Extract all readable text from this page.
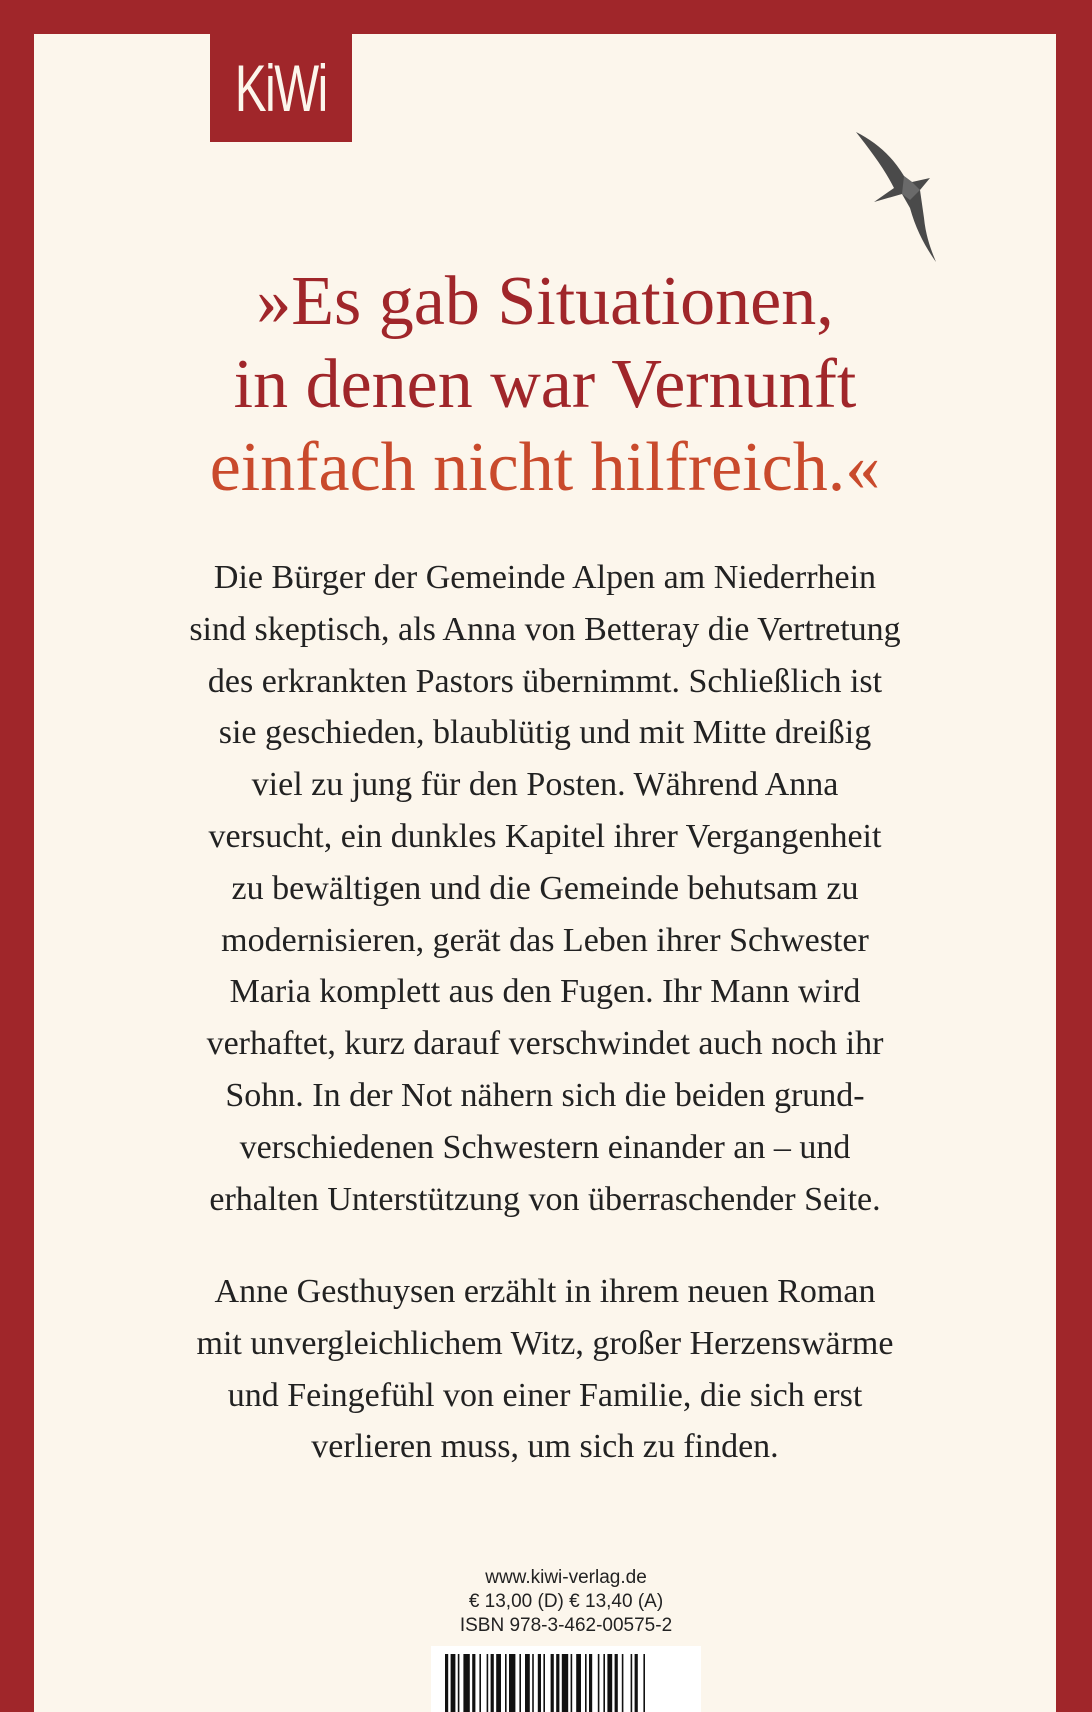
KiWi
»Es gab Situationen,
in denen war Vernunft
einfach nicht hilfreich.«
Die Bürger der Gemeinde Alpen am Niederrhein
sind skeptisch, als Anna von Betteray die Vertretung
des erkrankten Pastors übernimmt. Schließlich ist
sie geschieden, blaublütig und mit Mitte dreißig
viel zu jung für den Posten. Während Anna
versucht, ein dunkles Kapitel ihrer Vergangenheit
zu bewältigen und die Gemeinde behutsam zu
modernisieren, gerät das Leben ihrer Schwester
Maria komplett aus den Fugen. Ihr Mann wird
verhaftet, kurz darauf verschwindet auch noch ihr
Sohn. In der Not nähern sich die beiden grund-
verschiedenen Schwestern einander an – und
erhalten Unterstützung von überraschender Seite.
Anne Gesthuysen erzählt in ihrem neuen Roman
mit unvergleichlichem Witz, großer Herzenswärme
und Feingefühl von einer Familie, die sich erst
verlieren muss, um sich zu finden.
www.kiwi-verlag.de
€ 13,00 (D) € 13,40 (A)
ISBN 978-3-462-00575-2
